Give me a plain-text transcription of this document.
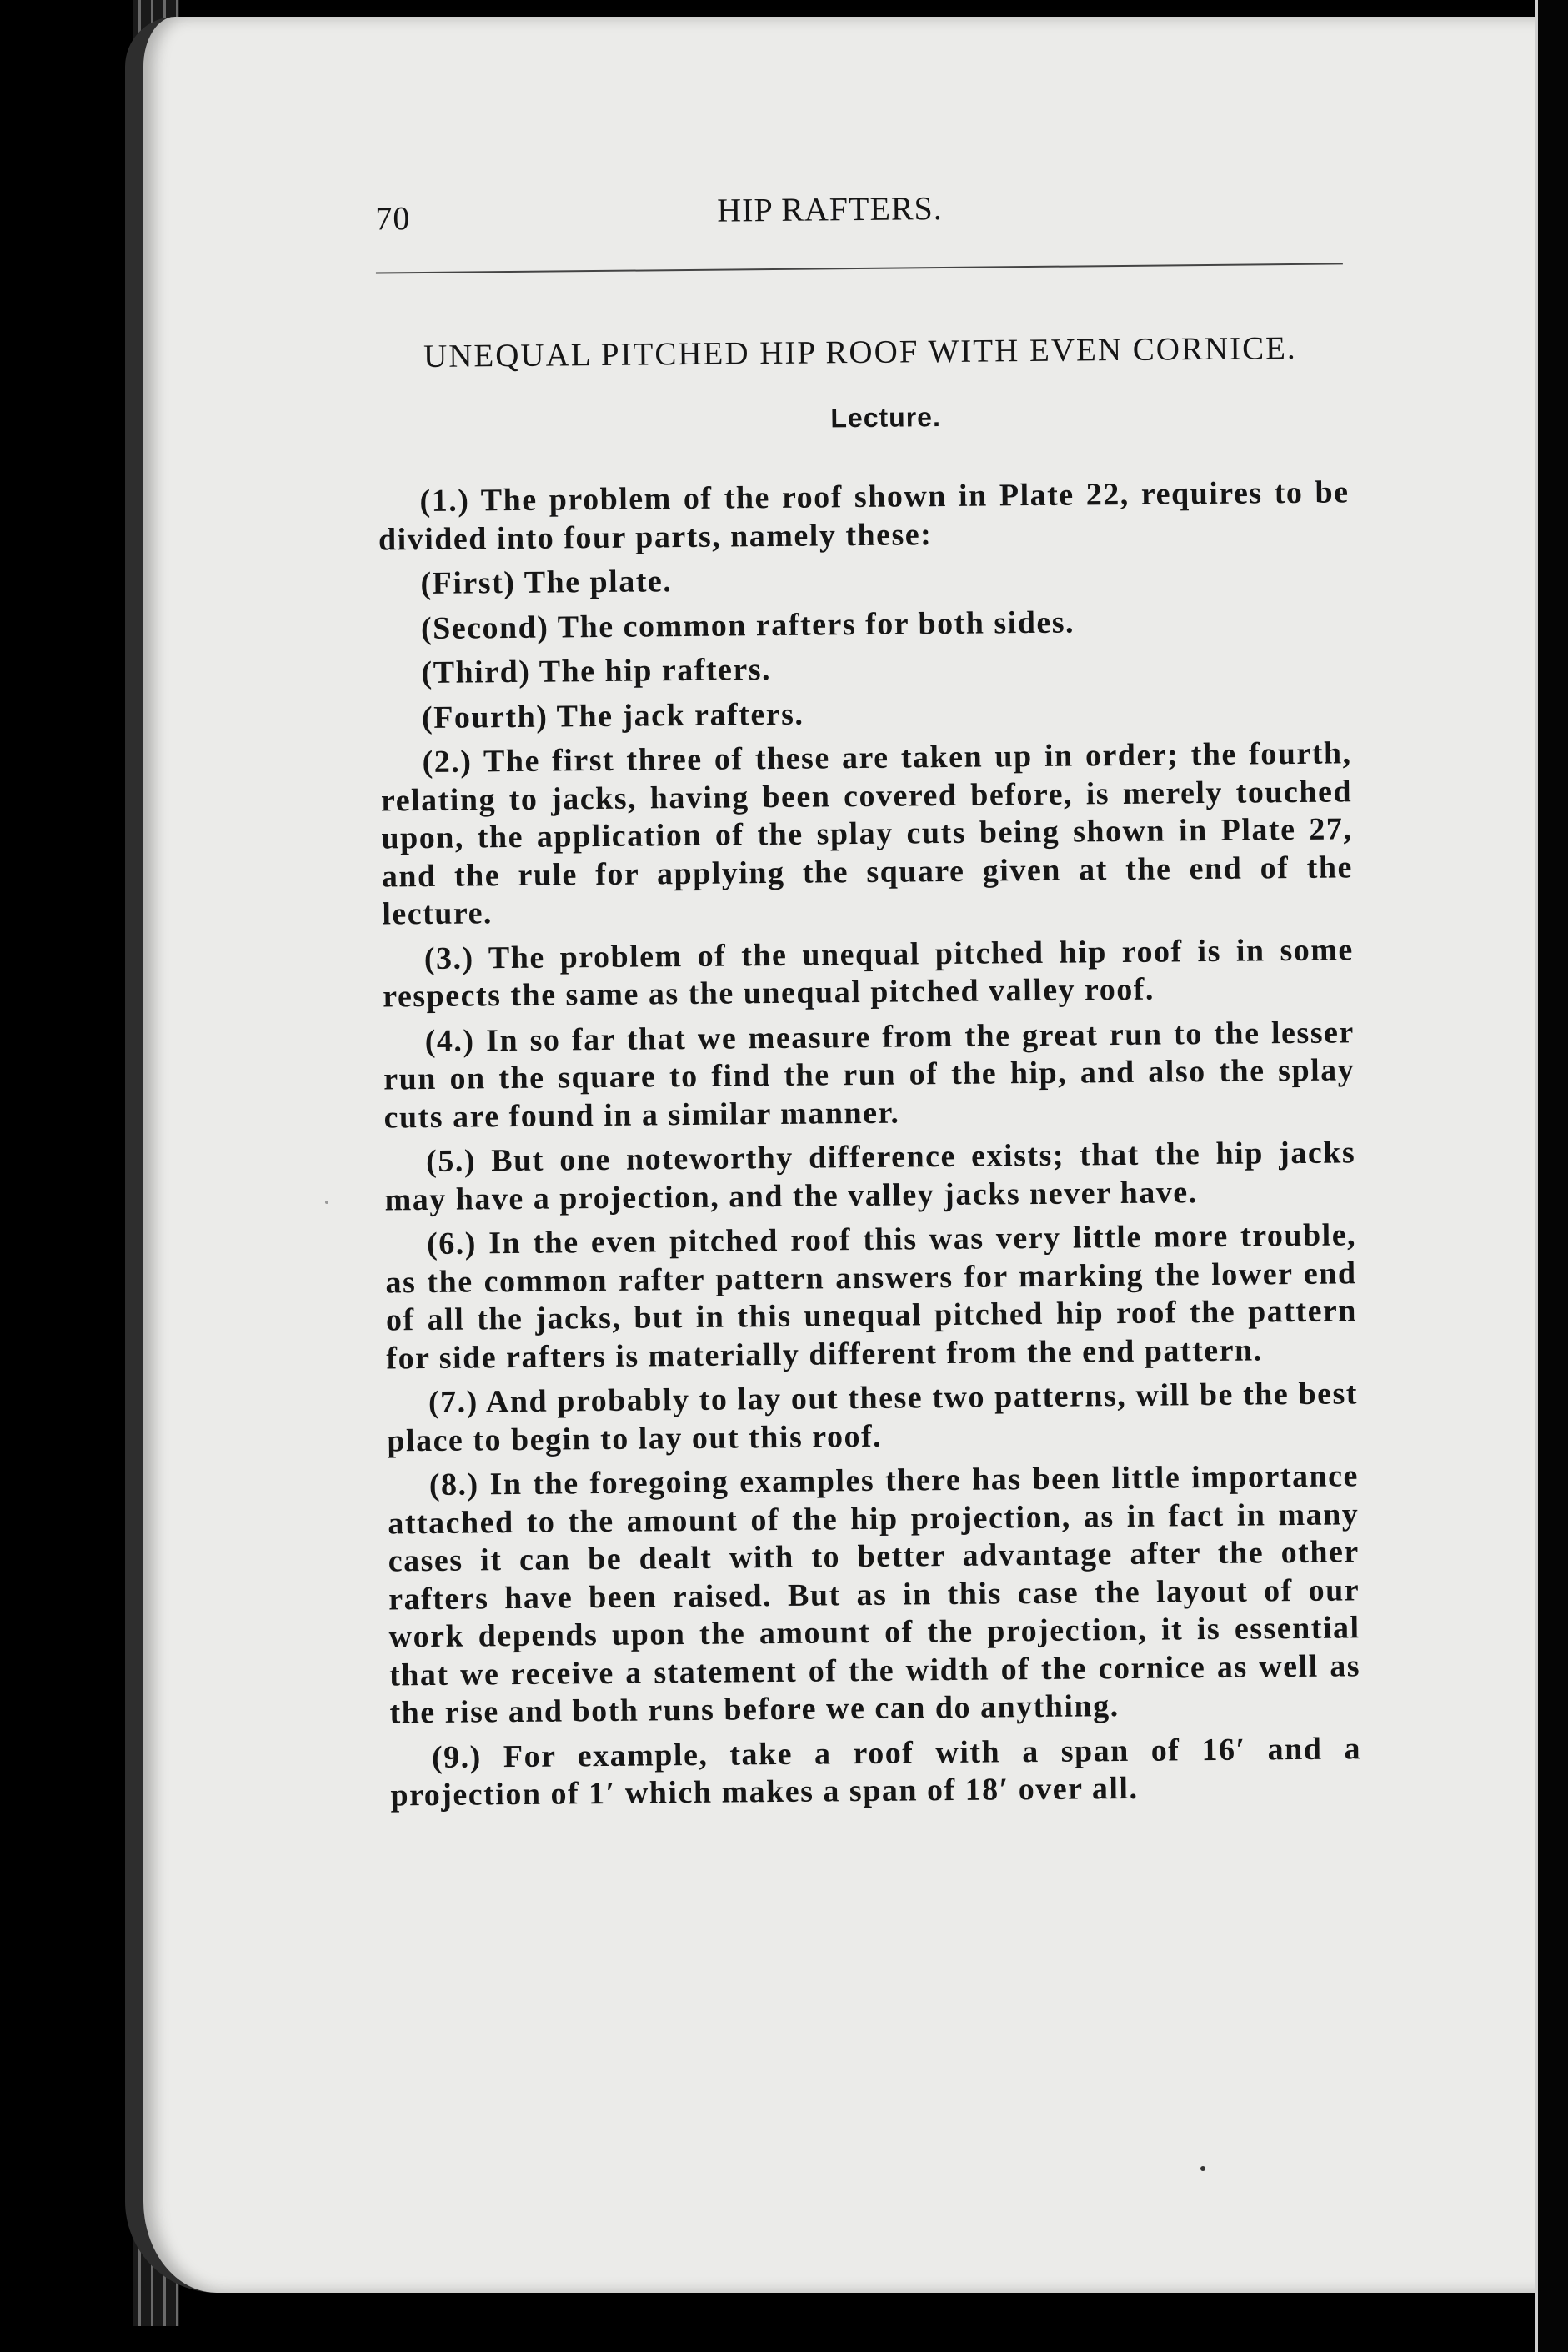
70	HIP RAFTERS.
UNEQUAL PITCHED HIP ROOF WITH EVEN CORNICE.
Lecture.

(1.) The problem of the roof shown in Plate 22, requires to be divided into four parts, namely these:

(First) The plate.

(Second) The common rafters for both sides.

(Third) The hip rafters.

(Fourth) The jack rafters.

(2.) The first three of these are taken up in order; the fourth, relating to jacks, having been covered before, is merely touched upon, the application of the splay cuts being shown in Plate 27, and the rule for applying the square given at the end of the lecture.

(3.) The problem of the unequal pitched hip roof is in some respects the same as the unequal pitched valley roof.

(4.) In so far that we measure from the great run to the lesser run on the square to find the run of the hip, and also the splay cuts are found in a similar manner.

(5.) But one noteworthy difference exists; that the hip jacks may have a projection, and the valley jacks never have.

(6.) In the even pitched roof this was very little more trouble, as the common rafter pattern answers for marking the lower end of all the jacks, but in this unequal pitched hip roof the pattern for side rafters is materially different from the end pattern.

(7.) And probably to lay out these two patterns, will be the best place to begin to lay out this roof.

(8.) In the foregoing examples there has been little importance attached to the amount of the hip projection, as in fact in many cases it can be dealt with to better advantage after the other rafters have been raised. But as in this case the layout of our work depends upon the amount of the projection, it is essential that we receive a statement of the width of the cornice as well as the rise and both runs before we can do anything.

(9.) For example, take a roof with a span of 16′ and a projection of 1′ which makes a span of 18′ over all.
